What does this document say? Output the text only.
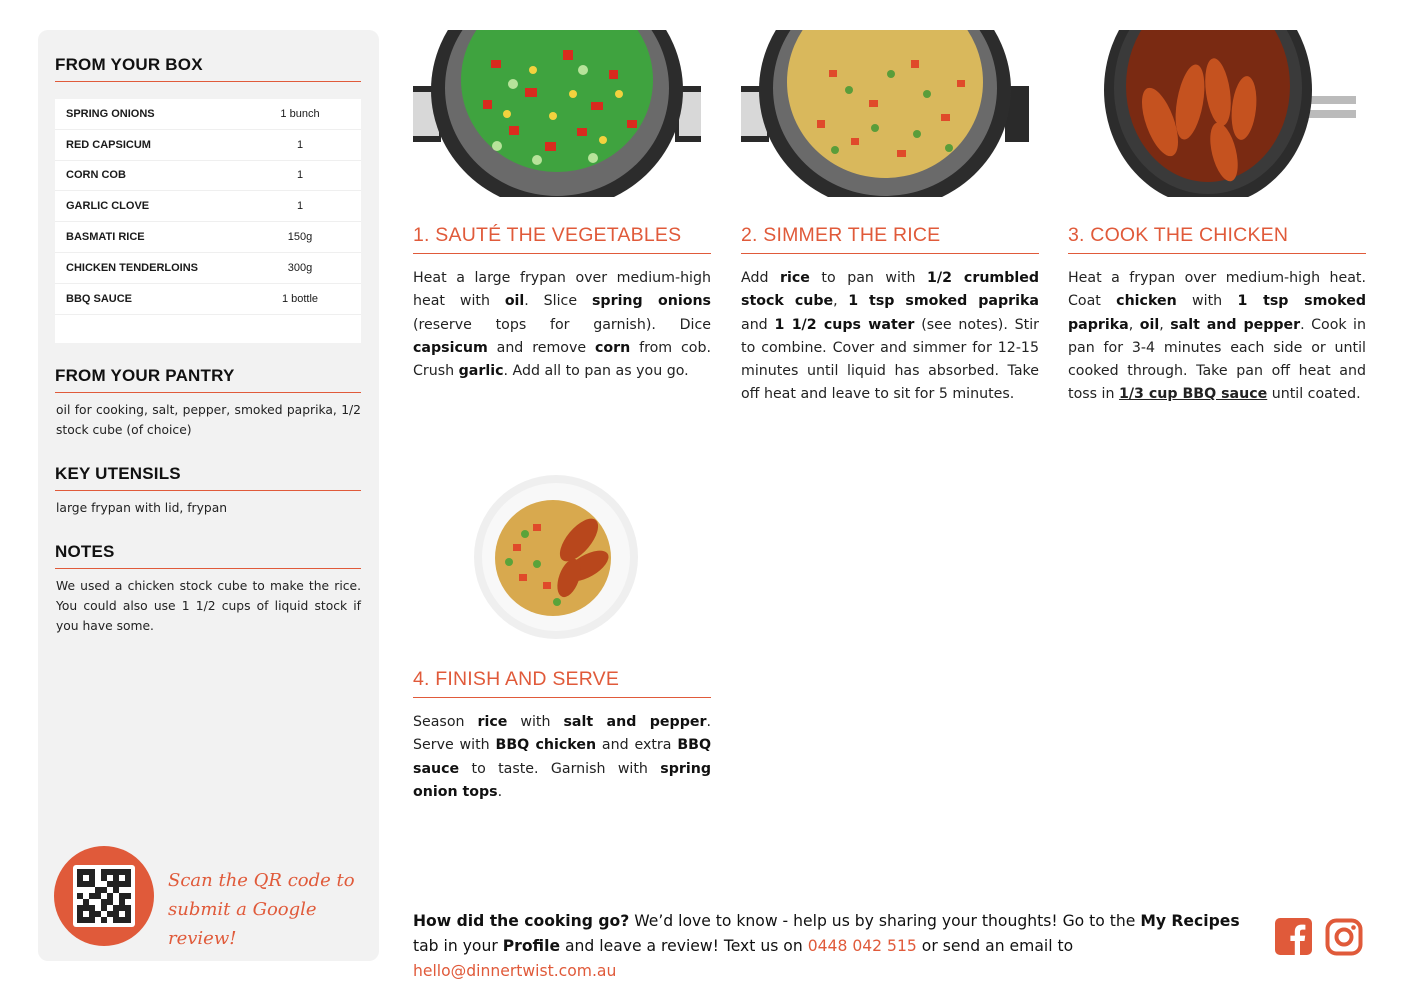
FROM YOUR BOX
SPRING ONIONS	1 bunch
RED CAPSICUM	1
CORN COB	1
GARLIC CLOVE	1
BASMATI RICE	150g
CHICKEN TENDERLOINS	300g
BBQ SAUCE	1 bottle
FROM YOUR PANTRY
oil for cooking, salt, pepper, smoked paprika, 1/2 stock cube (of choice)
KEY UTENSILS
large frypan with lid, frypan
NOTES
We used a chicken stock cube to make the rice. You could also use 1 1/2 cups of liquid stock if you have some.
Scan the QR code to
submit a Google review!
1. SAUTÉ THE VEGETABLES
Heat a large frypan over medium-high heat with oil. Slice spring onions (reserve tops for garnish). Dice capsicum and remove corn from cob. Crush garlic. Add all to pan as you go.
2. SIMMER THE RICE
Add rice to pan with 1/2 crumbled stock cube, 1 tsp smoked paprika and 1 1/2 cups water (see notes). Stir to combine. Cover and simmer for 12-15 minutes until liquid has absorbed. Take off heat and leave to sit for 5 minutes.
3. COOK THE CHICKEN
Heat a frypan over medium-high heat. Coat chicken with 1 tsp smoked paprika, oil, salt and pepper. Cook in pan for 3-4 minutes each side or until cooked through. Take pan off heat and toss in 1/3 cup BBQ sauce until coated.
4. FINISH AND SERVE
Season rice with salt and pepper. Serve with BBQ chicken and extra BBQ sauce to taste. Garnish with spring onion tops.
How did the cooking go? We’d love to know - help us by sharing your thoughts! Go to the My Recipes tab in your Profile and leave a review! Text us on 0448 042 515 or send an email to hello@dinnertwist.com.au
